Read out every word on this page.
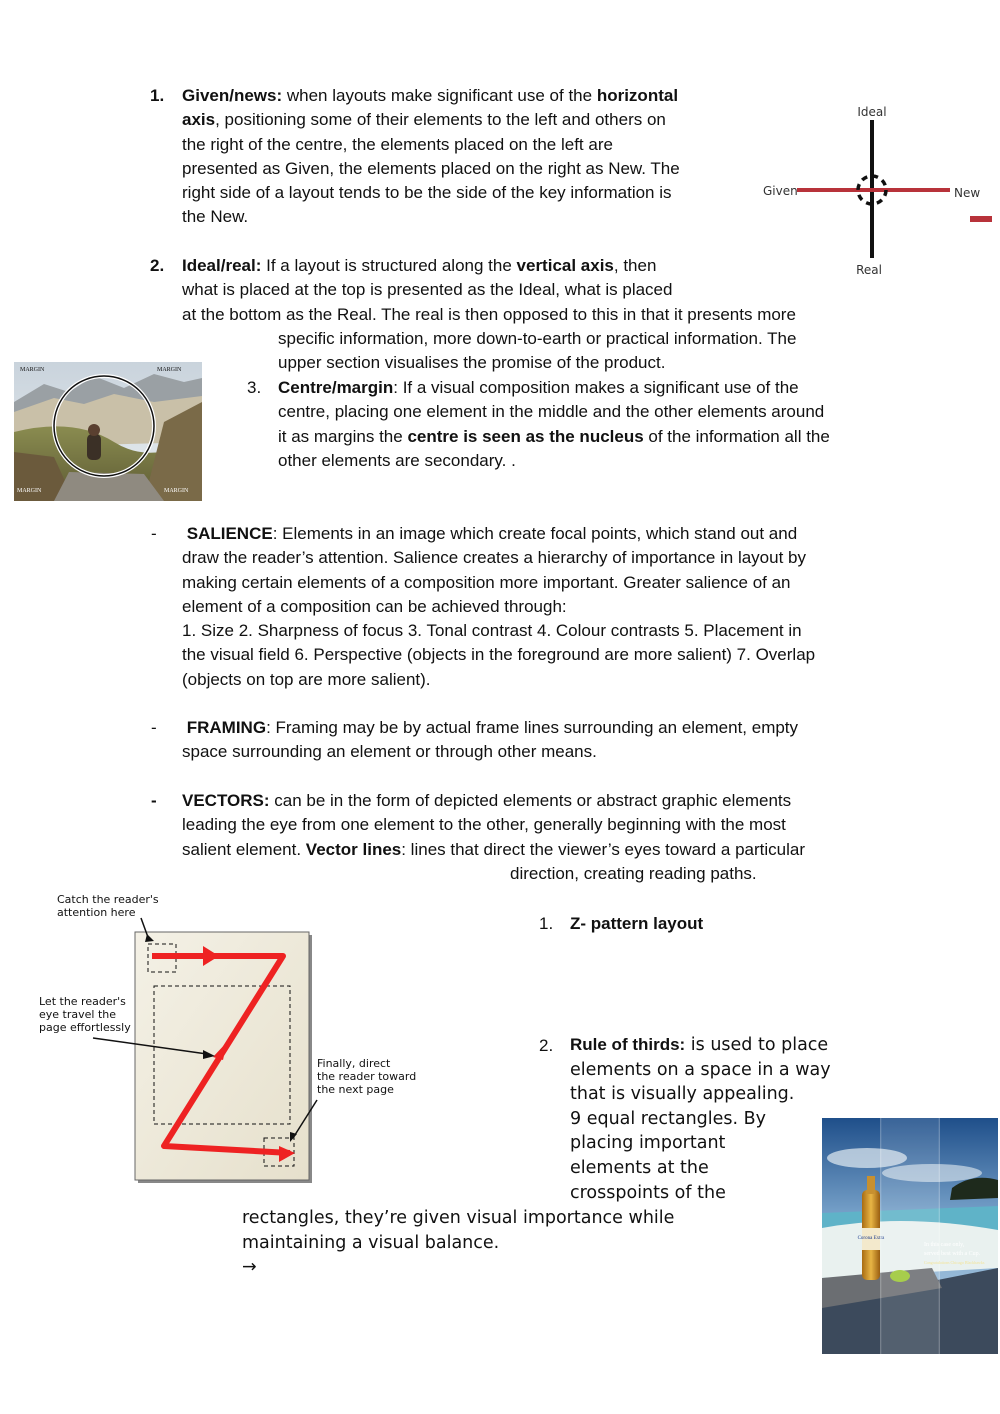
1. Given/news: when layouts make significant use of the horizontal

axis, positioning some of their elements to the left and others on

the right of the centre, the elements placed on the left are

presented as Given, the elements placed on the right as New. The

right side of a layout tends to be the side of the key information is

the New.

Ideal
Given	New
Real
2. Ideal/real: If a layout is structured along the vertical axis, then

what is placed at the top is presented as the Ideal, what is placed

at the bottom as the Real. The real is then opposed to this in that it presents more

specific information, more down-to-earth or practical information. The

upper section visualises the promise of the product.

MARGIN	MARGIN
MARGIN	MARGIN
3. Centre/margin: If a visual composition makes a significant use of the

centre, placing one element in the middle and the other elements around

it as margins the centre is seen as the nucleus of the information all the

other elements are secondary. .

- SALIENCE: Elements in an image which create focal points, which stand out and

draw the reader’s attention. Salience creates a hierarchy of importance in layout by

making certain elements of a composition more important. Greater salience of an

element of a composition can be achieved through:

1. Size 2. Sharpness of focus 3. Tonal contrast 4. Colour contrasts 5. Placement in

the visual field 6. Perspective (objects in the foreground are more salient) 7. Overlap

(objects on top are more salient).

- FRAMING: Framing may be by actual frame lines surrounding an element, empty

space surrounding an element or through other means.

- VECTORS: can be in the form of depicted elements or abstract graphic elements

leading the eye from one element to the other, generally beginning with the most

salient element. Vector lines: lines that direct the viewer’s eyes toward a particular

direction, creating reading paths.

Catch the reader's
attention here
Let the reader's
eye travel the
page effortlessly
Finally, direct
the reader toward
the next page
1. Z- pattern layout
2. Rule of thirds: is used to place

elements on a space in a way

that is visually appealing.

9 equal rectangles. By

placing important

elements at the

crosspoints of the

rectangles, they’re given visual importance while

maintaining a visual balance.

→

Corona Extra
In this case only,
served best with a Cup.
Congratulations Chicago Blackhawks
